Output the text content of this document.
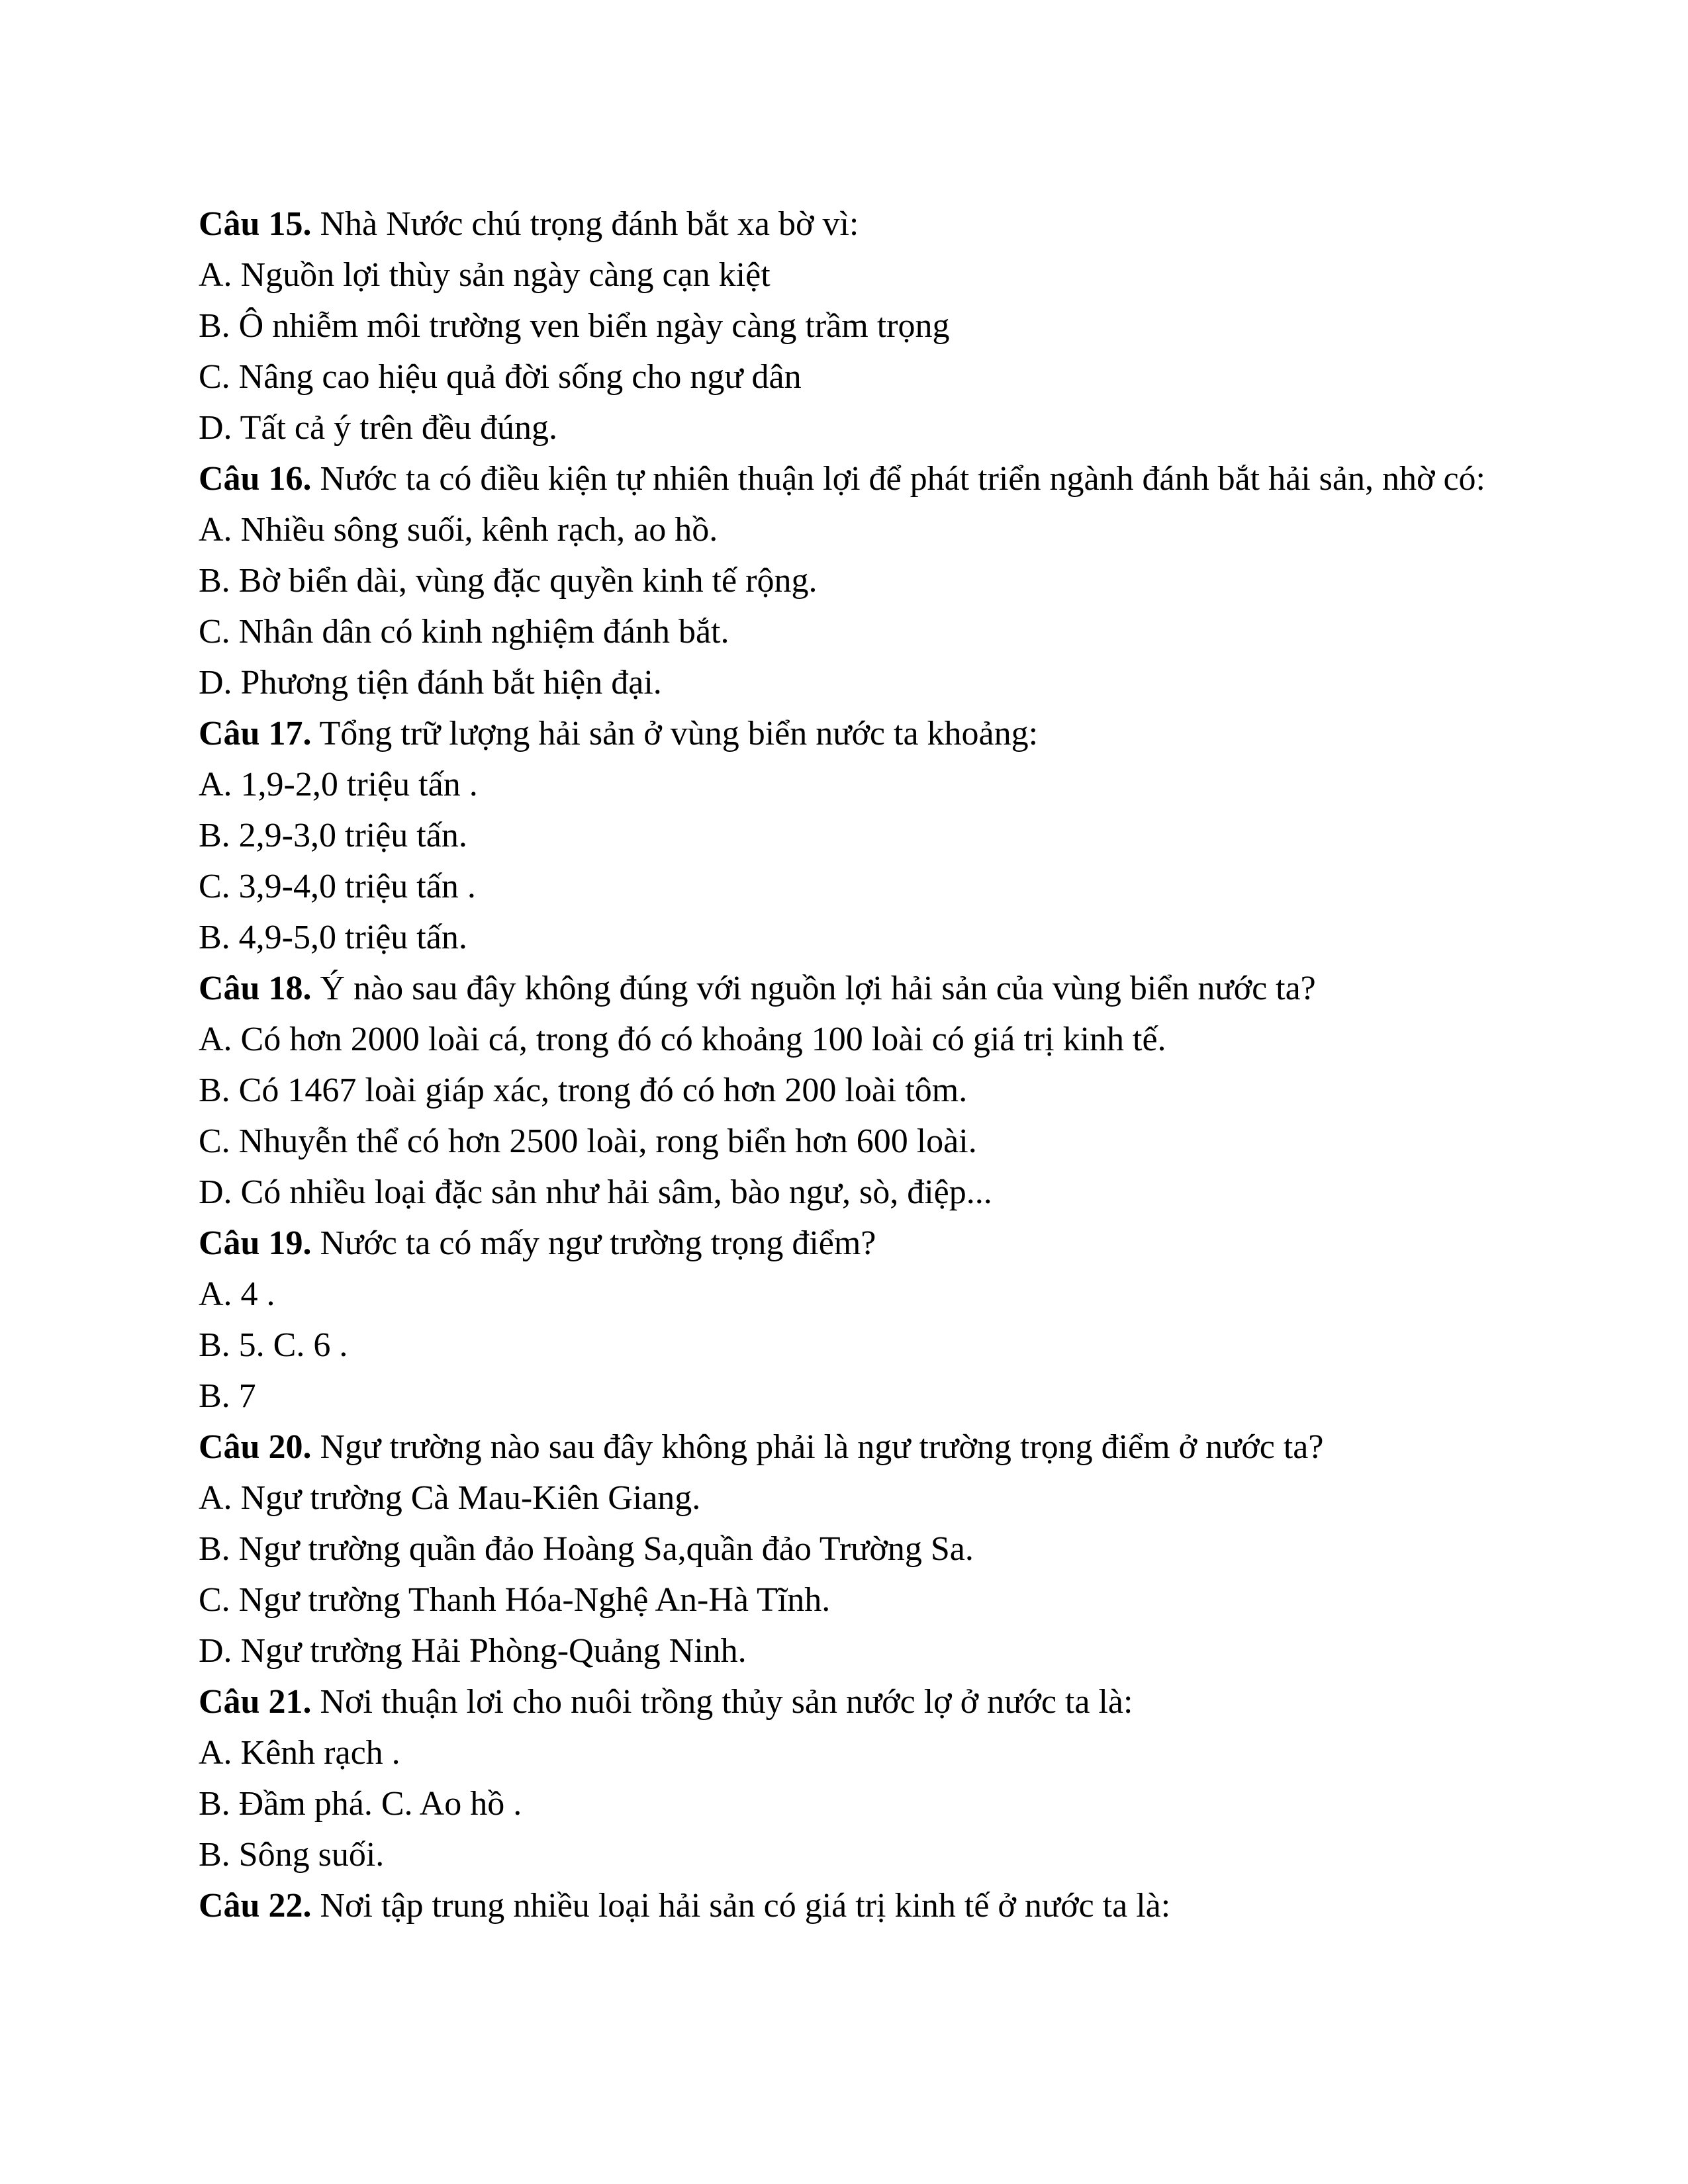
Câu 15. Nhà Nước chú trọng đánh bắt xa bờ vì:

A. Nguồn lợi thùy sản ngày càng cạn kiệt

B. Ô nhiễm môi trường ven biển ngày càng trầm trọng

C. Nâng cao hiệu quả đời sống cho ngư dân

D. Tất cả ý trên đều đúng.

Câu 16. Nước ta có điều kiện tự nhiên thuận lợi để phát triển ngành đánh bắt hải sản, nhờ có:

A. Nhiều sông suối, kênh rạch, ao hồ.

B. Bờ biển dài, vùng đặc quyền kinh tế rộng.

C. Nhân dân có kinh nghiệm đánh bắt.

D. Phương tiện đánh bắt hiện đại.

Câu 17. Tổng trữ lượng hải sản ở vùng biển nước ta khoảng:

A. 1,9-2,0 triệu tấn .

B. 2,9-3,0 triệu tấn.

C. 3,9-4,0 triệu tấn .

B. 4,9-5,0 triệu tấn.

Câu 18. Ý nào sau đây không đúng với nguồn lợi hải sản của vùng biển nước ta?

A. Có hơn 2000 loài cá, trong đó có khoảng 100 loài có giá trị kinh tế.

B. Có 1467 loài giáp xác, trong đó có hơn 200 loài tôm.

C. Nhuyễn thể có hơn 2500 loài, rong biển hơn 600 loài.

D. Có nhiều loại đặc sản như hải sâm, bào ngư, sò, điệp...

Câu 19. Nước ta có mấy ngư trường trọng điểm?

A. 4 .

B. 5. C. 6 .

B. 7

Câu 20. Ngư trường nào sau đây không phải là ngư trường trọng điểm ở nước ta?

A. Ngư trường Cà Mau-Kiên Giang.

B. Ngư trường quần đảo Hoàng Sa,quần đảo Trường Sa.

C. Ngư trường Thanh Hóa-Nghệ An-Hà Tĩnh.

D. Ngư trường Hải Phòng-Quảng Ninh.

Câu 21. Nơi thuận lơi cho nuôi trồng thủy sản nước lợ ở nước ta là:

A. Kênh rạch .

B. Đầm phá. C. Ao hồ .

B. Sông suối.

Câu 22. Nơi tập trung nhiều loại hải sản có giá trị kinh tế ở nước ta là:
